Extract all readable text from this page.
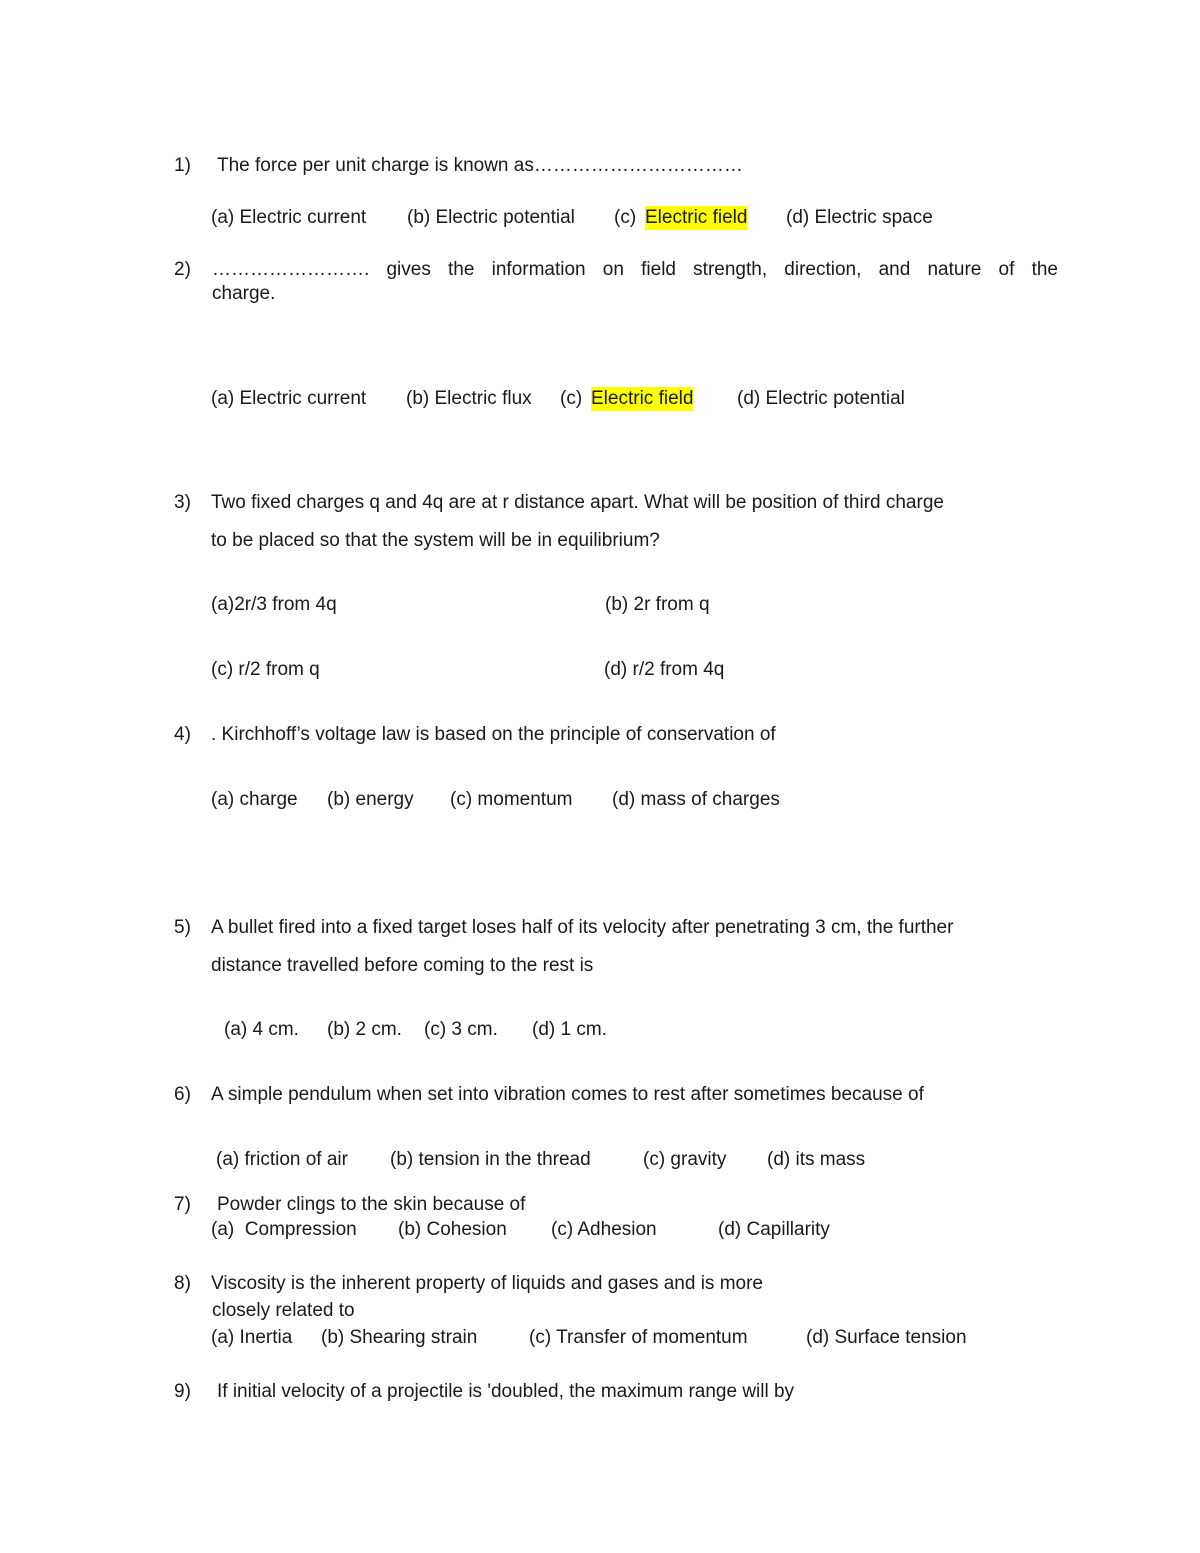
1) The force per unit charge is known as……………………………
(a) Electric current (b) Electric potential (c) Electric field (d) Electric space
2) ……………………. gives the information on field strength, direction, and nature of the
charge.
(a) Electric current (b) Electric flux (c) Electric field (d) Electric potential
3) Two fixed charges q and 4q are at r distance apart. What will be position of third charge
to be placed so that the system will be in equilibrium?
(a)2r/3 from 4q	(b) 2r from q
(c) r/2 from q	(d) r/2 from 4q
4) . Kirchhoff’s voltage law is based on the principle of conservation of
(a) charge (b) energy (c) momentum (d) mass of charges
5) A bullet fired into a fixed target loses half of its velocity after penetrating 3 cm, the further
distance travelled before coming to the rest is
(a) 4 cm. (b) 2 cm. (c) 3 cm. (d) 1 cm.
6) A simple pendulum when set into vibration comes to rest after sometimes because of
(a) friction of air (b) tension in the thread	(c) gravity (d) its mass
7) Powder clings to the skin because of
(a)  Compression (b) Cohesion (c) Adhesion	(d) Capillarity
8) Viscosity is the inherent property of liquids and gases and is more
closely related to
(a) Inertia (b) Shearing strain	(c) Transfer of momentum	(d) Surface tension
9) If initial velocity of a projectile is 'doubled, the maximum range will by
